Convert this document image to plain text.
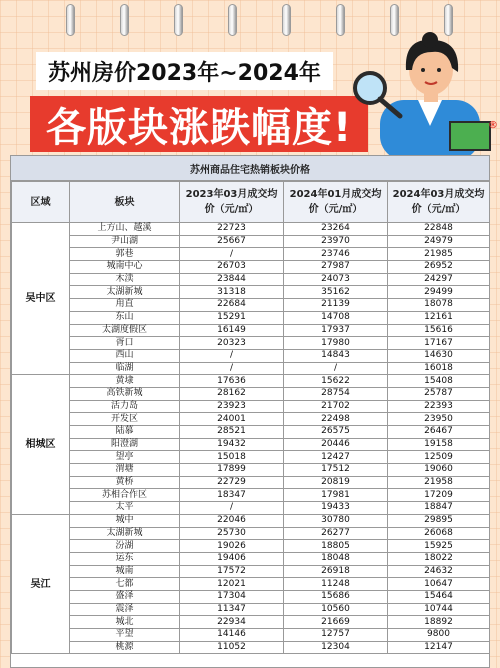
苏州房价2023年~2024年
各版块涨跌幅度!	®
苏州商品住宅热销板块价格
区域	板块	2023年03月成交均价（元/㎡）	2024年01月成交均价（元/㎡）	2024年03月成交均价（元/㎡）
吴中区	上方山、越溪	22723	23264	22848
	尹山湖	25667	23970	24979
	郭巷	/	23746	21985
	城南中心	26703	27987	26952
	木渎	23844	24073	24297
	太湖新城	31318	35162	29499
	甪直	22684	21139	18078
	东山	15291	14708	12161
	太湖度假区	16149	17937	15616
	胥口	20323	17980	17167
	西山	/	14843	14630
	临湖	/	/	16018
相城区	黄埭	17636	15622	15408
	高铁新城	28162	28754	25787
	活力岛	23923	21702	22393
	开发区	24001	22498	23950
	陆慕	28521	26575	26467
	阳澄湖	19432	20446	19158
	望亭	15018	12427	12509
	渭塘	17899	17512	19060
	黄桥	22729	20819	21958
	苏相合作区	18347	17981	17209
	太平	/	19433	18847
吴江	城中	22046	30780	29895
	太湖新城	25730	26277	26068
	汾湖	19026	18805	15925
	运东	19406	18048	18022
	城南	17572	26918	24632
	七都	12021	11248	10647
	盛泽	17304	15686	15464
	震泽	11347	10560	10744
	城北	22934	21669	18892
	平望	14146	12757	9800
	桃源	11052	12304	12147
